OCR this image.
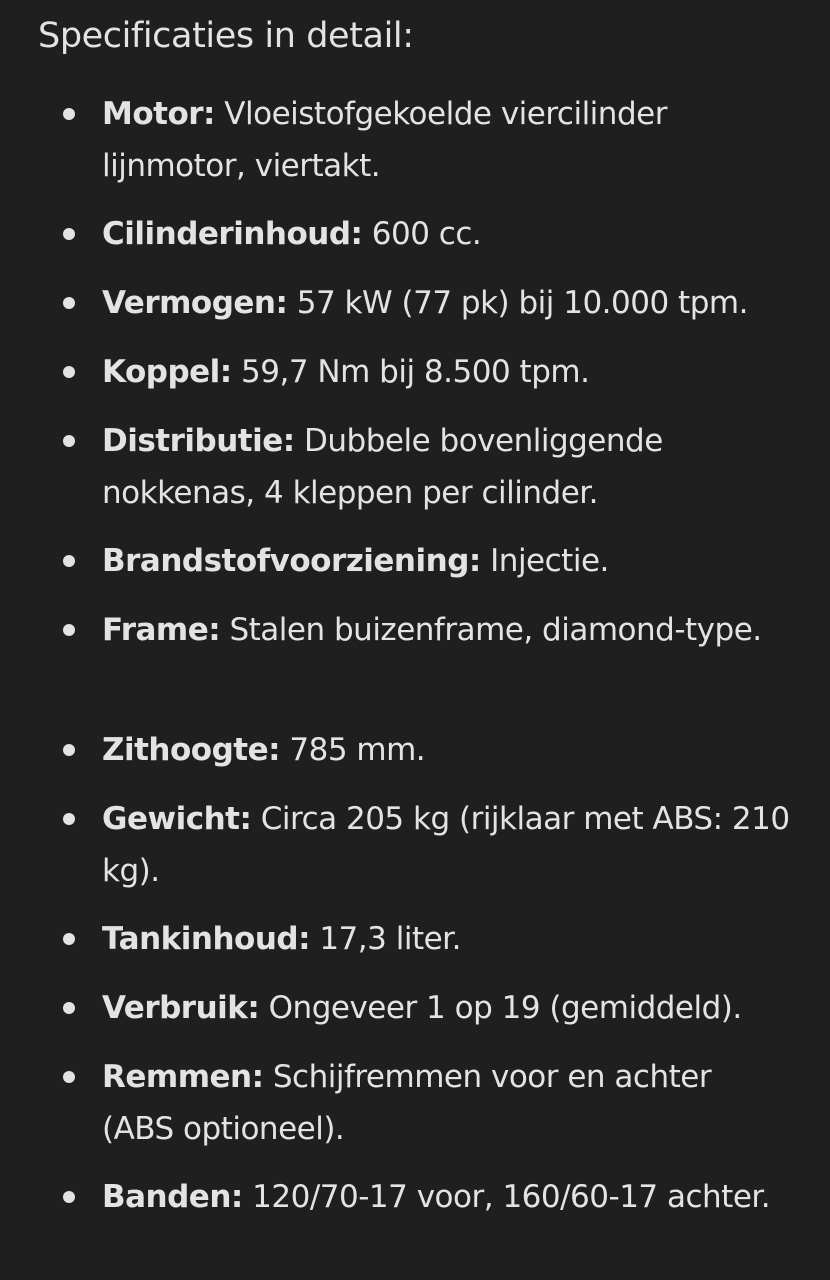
Specificaties in detail:
Motor: Vloeistofgekoelde viercilinder lijnmotor, viertakt.
Cilinderinhoud: 600 cc.
Vermogen: 57 kW (77 pk) bij 10.000 tpm.
Koppel: 59,7 Nm bij 8.500 tpm.
Distributie: Dubbele bovenliggende nokkenas, 4 kleppen per cilinder.
Brandstofvoorziening: Injectie.
Frame: Stalen buizenframe, diamond-type.
Zithoogte: 785 mm.
Gewicht: Circa 205 kg (rijklaar met ABS: 210 kg).
Tankinhoud: 17,3 liter.
Verbruik: Ongeveer 1 op 19 (gemiddeld).
Remmen: Schijfremmen voor en achter (ABS optioneel).
Banden: 120/70-17 voor, 160/60-17 achter.
